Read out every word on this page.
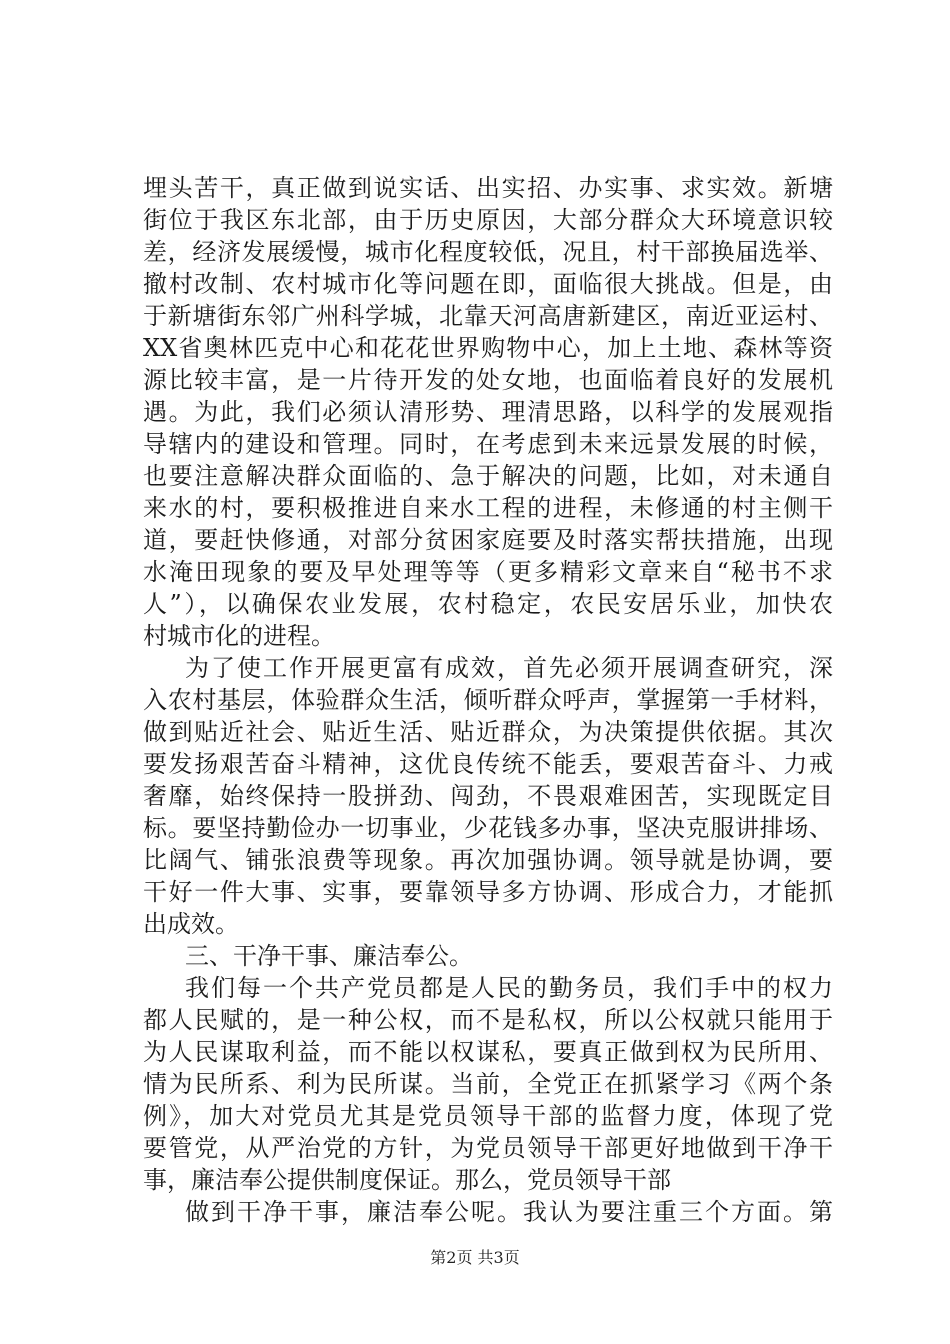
埋头苦干，真正做到说实话、出实招、办实事、求实效。新塘
街位于我区东北部，由于历史原因，大部分群众大环境意识较
差，经济发展缓慢，城市化程度较低，况且，村干部换届选举、
撤村改制、农村城市化等问题在即，面临很大挑战。但是，由
于新塘街东邻广州科学城，北靠天河高唐新建区，南近亚运村、
XX省奥林匹克中心和花花世界购物中心，加上土地、森林等资
源比较丰富，是一片待开发的处女地，也面临着良好的发展机
遇。为此，我们必须认清形势、理清思路，以科学的发展观指
导辖内的建设和管理。同时，在考虑到未来远景发展的时候，
也要注意解决群众面临的、急于解决的问题，比如，对未通自
来水的村，要积极推进自来水工程的进程，未修通的村主侧干
道，要赶快修通，对部分贫困家庭要及时落实帮扶措施，出现
水淹田现象的要及早处理等等（更多精彩文章来自“秘书不求
人”），以确保农业发展，农村稳定，农民安居乐业，加快农
村城市化的进程。
为了使工作开展更富有成效，首先必须开展调查研究，深
入农村基层，体验群众生活，倾听群众呼声，掌握第一手材料，
做到贴近社会、贴近生活、贴近群众，为决策提供依据。其次
要发扬艰苦奋斗精神，这优良传统不能丢，要艰苦奋斗、力戒
奢靡，始终保持一股拼劲、闯劲，不畏艰难困苦，实现既定目
标。要坚持勤俭办一切事业，少花钱多办事，坚决克服讲排场、
比阔气、铺张浪费等现象。再次加强协调。领导就是协调，要
干好一件大事、实事，要靠领导多方协调、形成合力，才能抓
出成效。
三、干净干事、廉洁奉公。
我们每一个共产党员都是人民的勤务员，我们手中的权力
都人民赋的，是一种公权，而不是私权，所以公权就只能用于
为人民谋取利益，而不能以权谋私，要真正做到权为民所用、
情为民所系、利为民所谋。当前，全党正在抓紧学习《两个条
例》，加大对党员尤其是党员领导干部的监督力度，体现了党
要管党，从严治党的方针，为党员领导干部更好地做到干净干
事，廉洁奉公提供制度保证。那么，党员领导干部
做到干净干事，廉洁奉公呢。我认为要注重三个方面。第
第2页 共3页
